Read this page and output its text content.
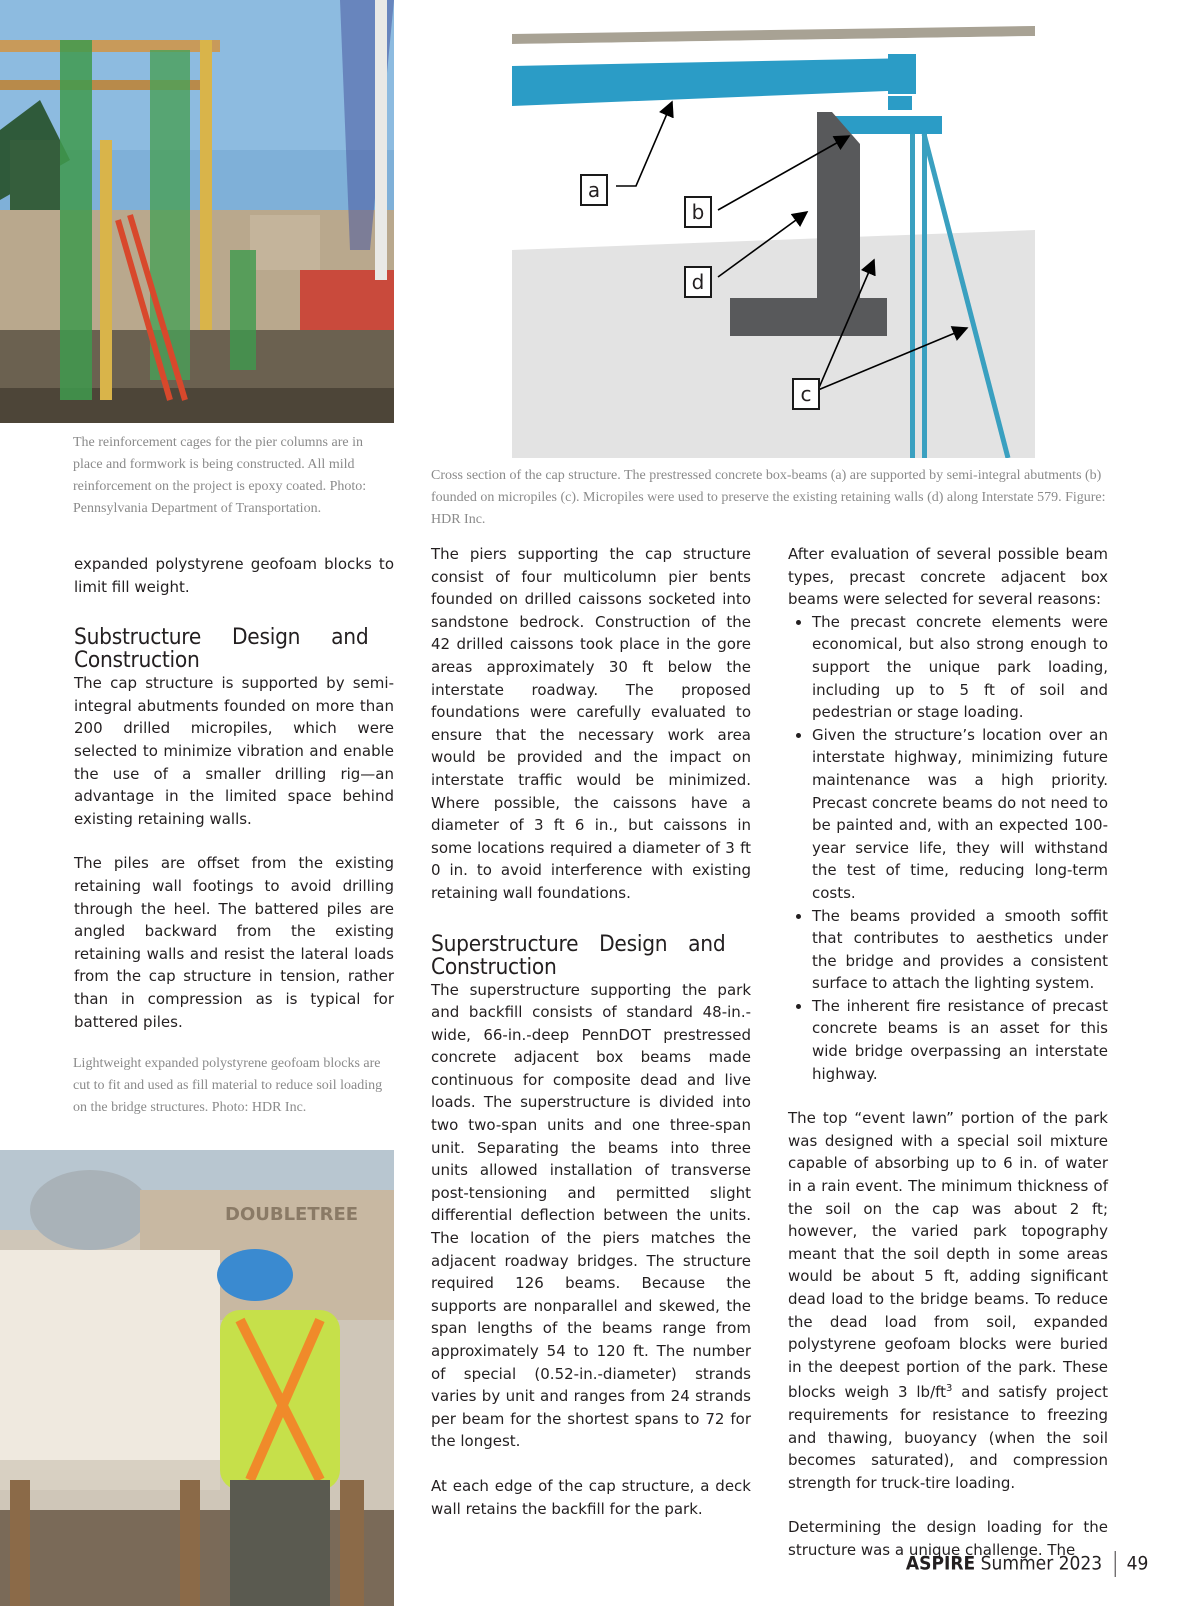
The reinforcement cages for the pier columns are in place and formwork is being constructed. All mild reinforcement on the project is epoxy coated. Photo: Pennsylvania Department of Transportation.
a
b
d
c
Cross section of the cap structure. The prestressed concrete box-beams (a) are supported by semi-integral abutments (b) founded on micropiles (c). Micropiles were used to preserve the existing retaining walls (d) along Interstate 579. Figure: HDR Inc.

expanded polystyrene geofoam blocks to limit fill weight.

Substructure Design and Construction

The cap structure is supported by semi-integral abutments founded on more than 200 drilled micropiles, which were selected to minimize vibration and enable the use of a smaller drilling rig—an advantage in the limited space behind existing retaining walls.

The piles are offset from the existing retaining wall footings to avoid drilling through the heel. The battered piles are angled backward from the existing retaining walls and resist the lateral loads from the cap structure in tension, rather than in compression as is typical for battered piles.

Lightweight expanded polystyrene geofoam blocks are cut to fit and used as fill material to reduce soil loading on the bridge structures. Photo: HDR Inc.
DOUBLETREE

The piers supporting the cap structure consist of four multicolumn pier bents founded on drilled caissons socketed into sandstone bedrock. Construction of the 42 drilled caissons took place in the gore areas approximately 30 ft below the interstate roadway. The proposed foundations were carefully evaluated to ensure that the necessary work area would be provided and the impact on interstate traffic would be minimized. Where possible, the caissons have a diameter of 3 ft 6 in., but caissons in some locations required a diameter of 3 ft 0 in. to avoid interference with existing retaining wall foundations.

Superstructure Design and Construction

The superstructure supporting the park and backfill consists of standard 48-in.-wide, 66-in.-deep PennDOT prestressed concrete adjacent box beams made continuous for composite dead and live loads. The superstructure is divided into two two-span units and one three-span unit. Separating the beams into three units allowed installation of transverse post-tensioning and permitted slight differential deflection between the units. The location of the piers matches the adjacent roadway bridges. The structure required 126 beams. Because the supports are nonparallel and skewed, the span lengths of the beams range from approximately 54 to 120 ft. The number of special (0.52-in.-diameter) strands varies by unit and ranges from 24 strands per beam for the shortest spans to 72 for the longest.

At each edge of the cap structure, a deck wall retains the backfill for the park.

After evaluation of several possible beam types, precast concrete adjacent box beams were selected for several reasons:

• The precast concrete elements were economical, but also strong enough to support the unique park loading, including up to 5 ft of soil and pedestrian or stage loading.
• Given the structure’s location over an interstate highway, minimizing future maintenance was a high priority. Precast concrete beams do not need to be painted and, with an expected 100-year service life, they will withstand the test of time, reducing long-term costs.
• The beams provided a smooth soffit that contributes to aesthetics under the bridge and provides a consistent surface to attach the lighting system.
• The inherent fire resistance of precast concrete beams is an asset for this wide bridge overpassing an interstate highway.

The top “event lawn” portion of the park was designed with a special soil mixture capable of absorbing up to 6 in. of water in a rain event. The minimum thickness of the soil on the cap was about 2 ft; however, the varied park topography meant that the soil depth in some areas would be about 5 ft, adding significant dead load to the bridge beams. To reduce the dead load from soil, expanded polystyrene geofoam blocks were buried in the deepest portion of the park. These blocks weigh 3 $lb/ft^3$ and satisfy project requirements for resistance to freezing and thawing, buoyancy (when the soil becomes saturated), and compression strength for truck-tire loading.

Determining the design loading for the structure was a unique challenge. The

ASPIRE Summer 2023 49
